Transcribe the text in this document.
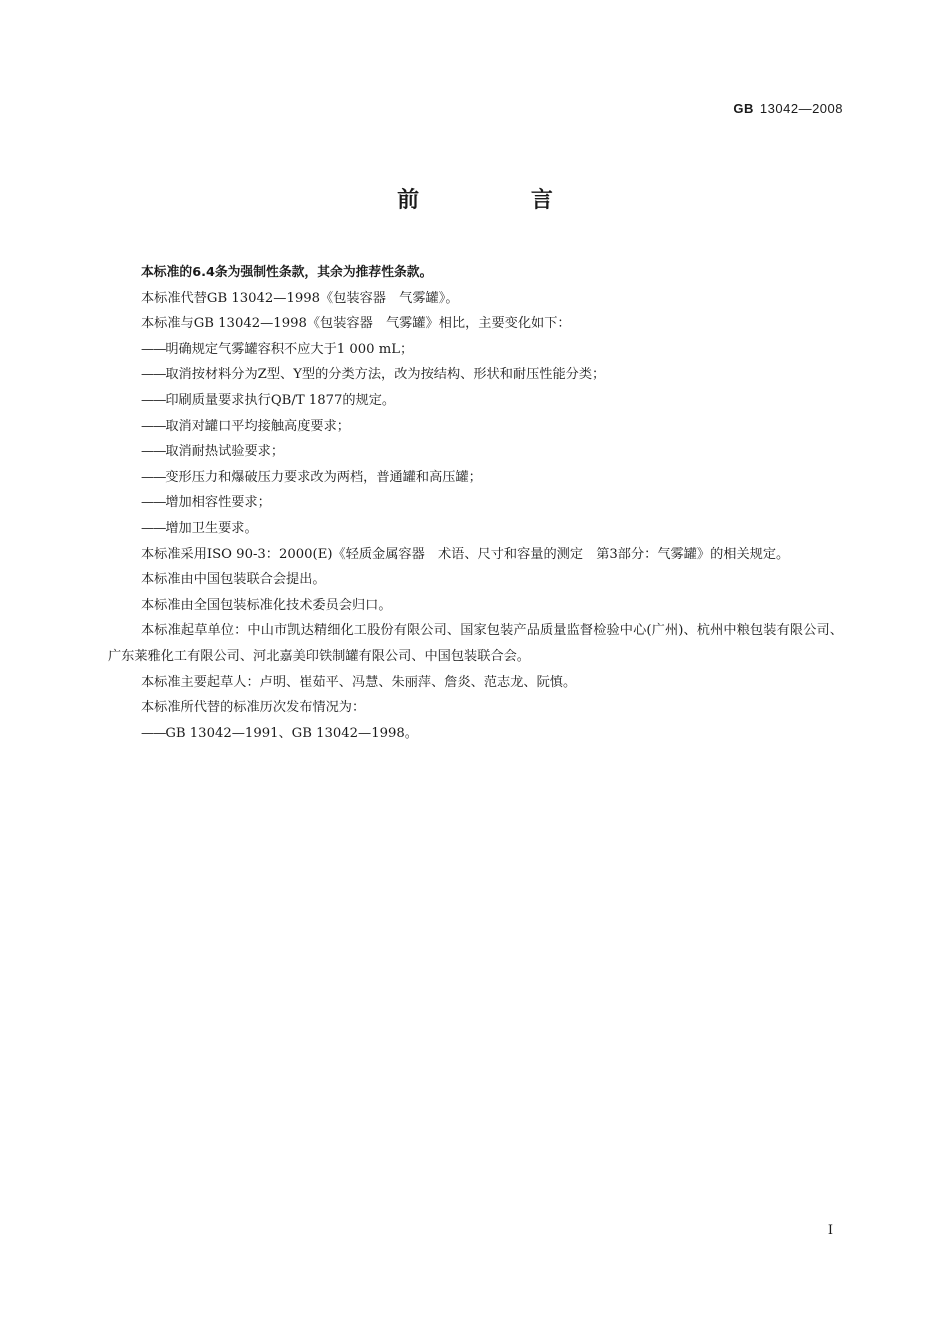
GB 13042—2008
前 言

本标准的6.4条为强制性条款，其余为推荐性条款。

本标准代替GB 13042—1998《包装容器　气雾罐》。

本标准与GB 13042—1998《包装容器　气雾罐》相比，主要变化如下：

——明确规定气雾罐容积不应大于1 000 mL；

——取消按材料分为Z型、Y型的分类方法，改为按结构、形状和耐压性能分类；

——印刷质量要求执行QB/T 1877的规定。

——取消对罐口平均接触高度要求；

——取消耐热试验要求；

——变形压力和爆破压力要求改为两档，普通罐和高压罐；

——增加相容性要求；

——增加卫生要求。

本标准采用ISO 90-3：2000(E)《轻质金属容器　术语、尺寸和容量的测定　第3部分：气雾罐》的相关规定。

本标准由中国包装联合会提出。

本标准由全国包装标准化技术委员会归口。

本标准起草单位：中山市凯达精细化工股份有限公司、国家包装产品质量监督检验中心(广州)、杭州中粮包装有限公司、广东莱雅化工有限公司、河北嘉美印铁制罐有限公司、中国包装联合会。

本标准主要起草人：卢明、崔茹平、冯慧、朱丽萍、詹炎、范志龙、阮慎。

本标准所代替的标准历次发布情况为：

——GB 13042—1991、GB 13042—1998。

I
